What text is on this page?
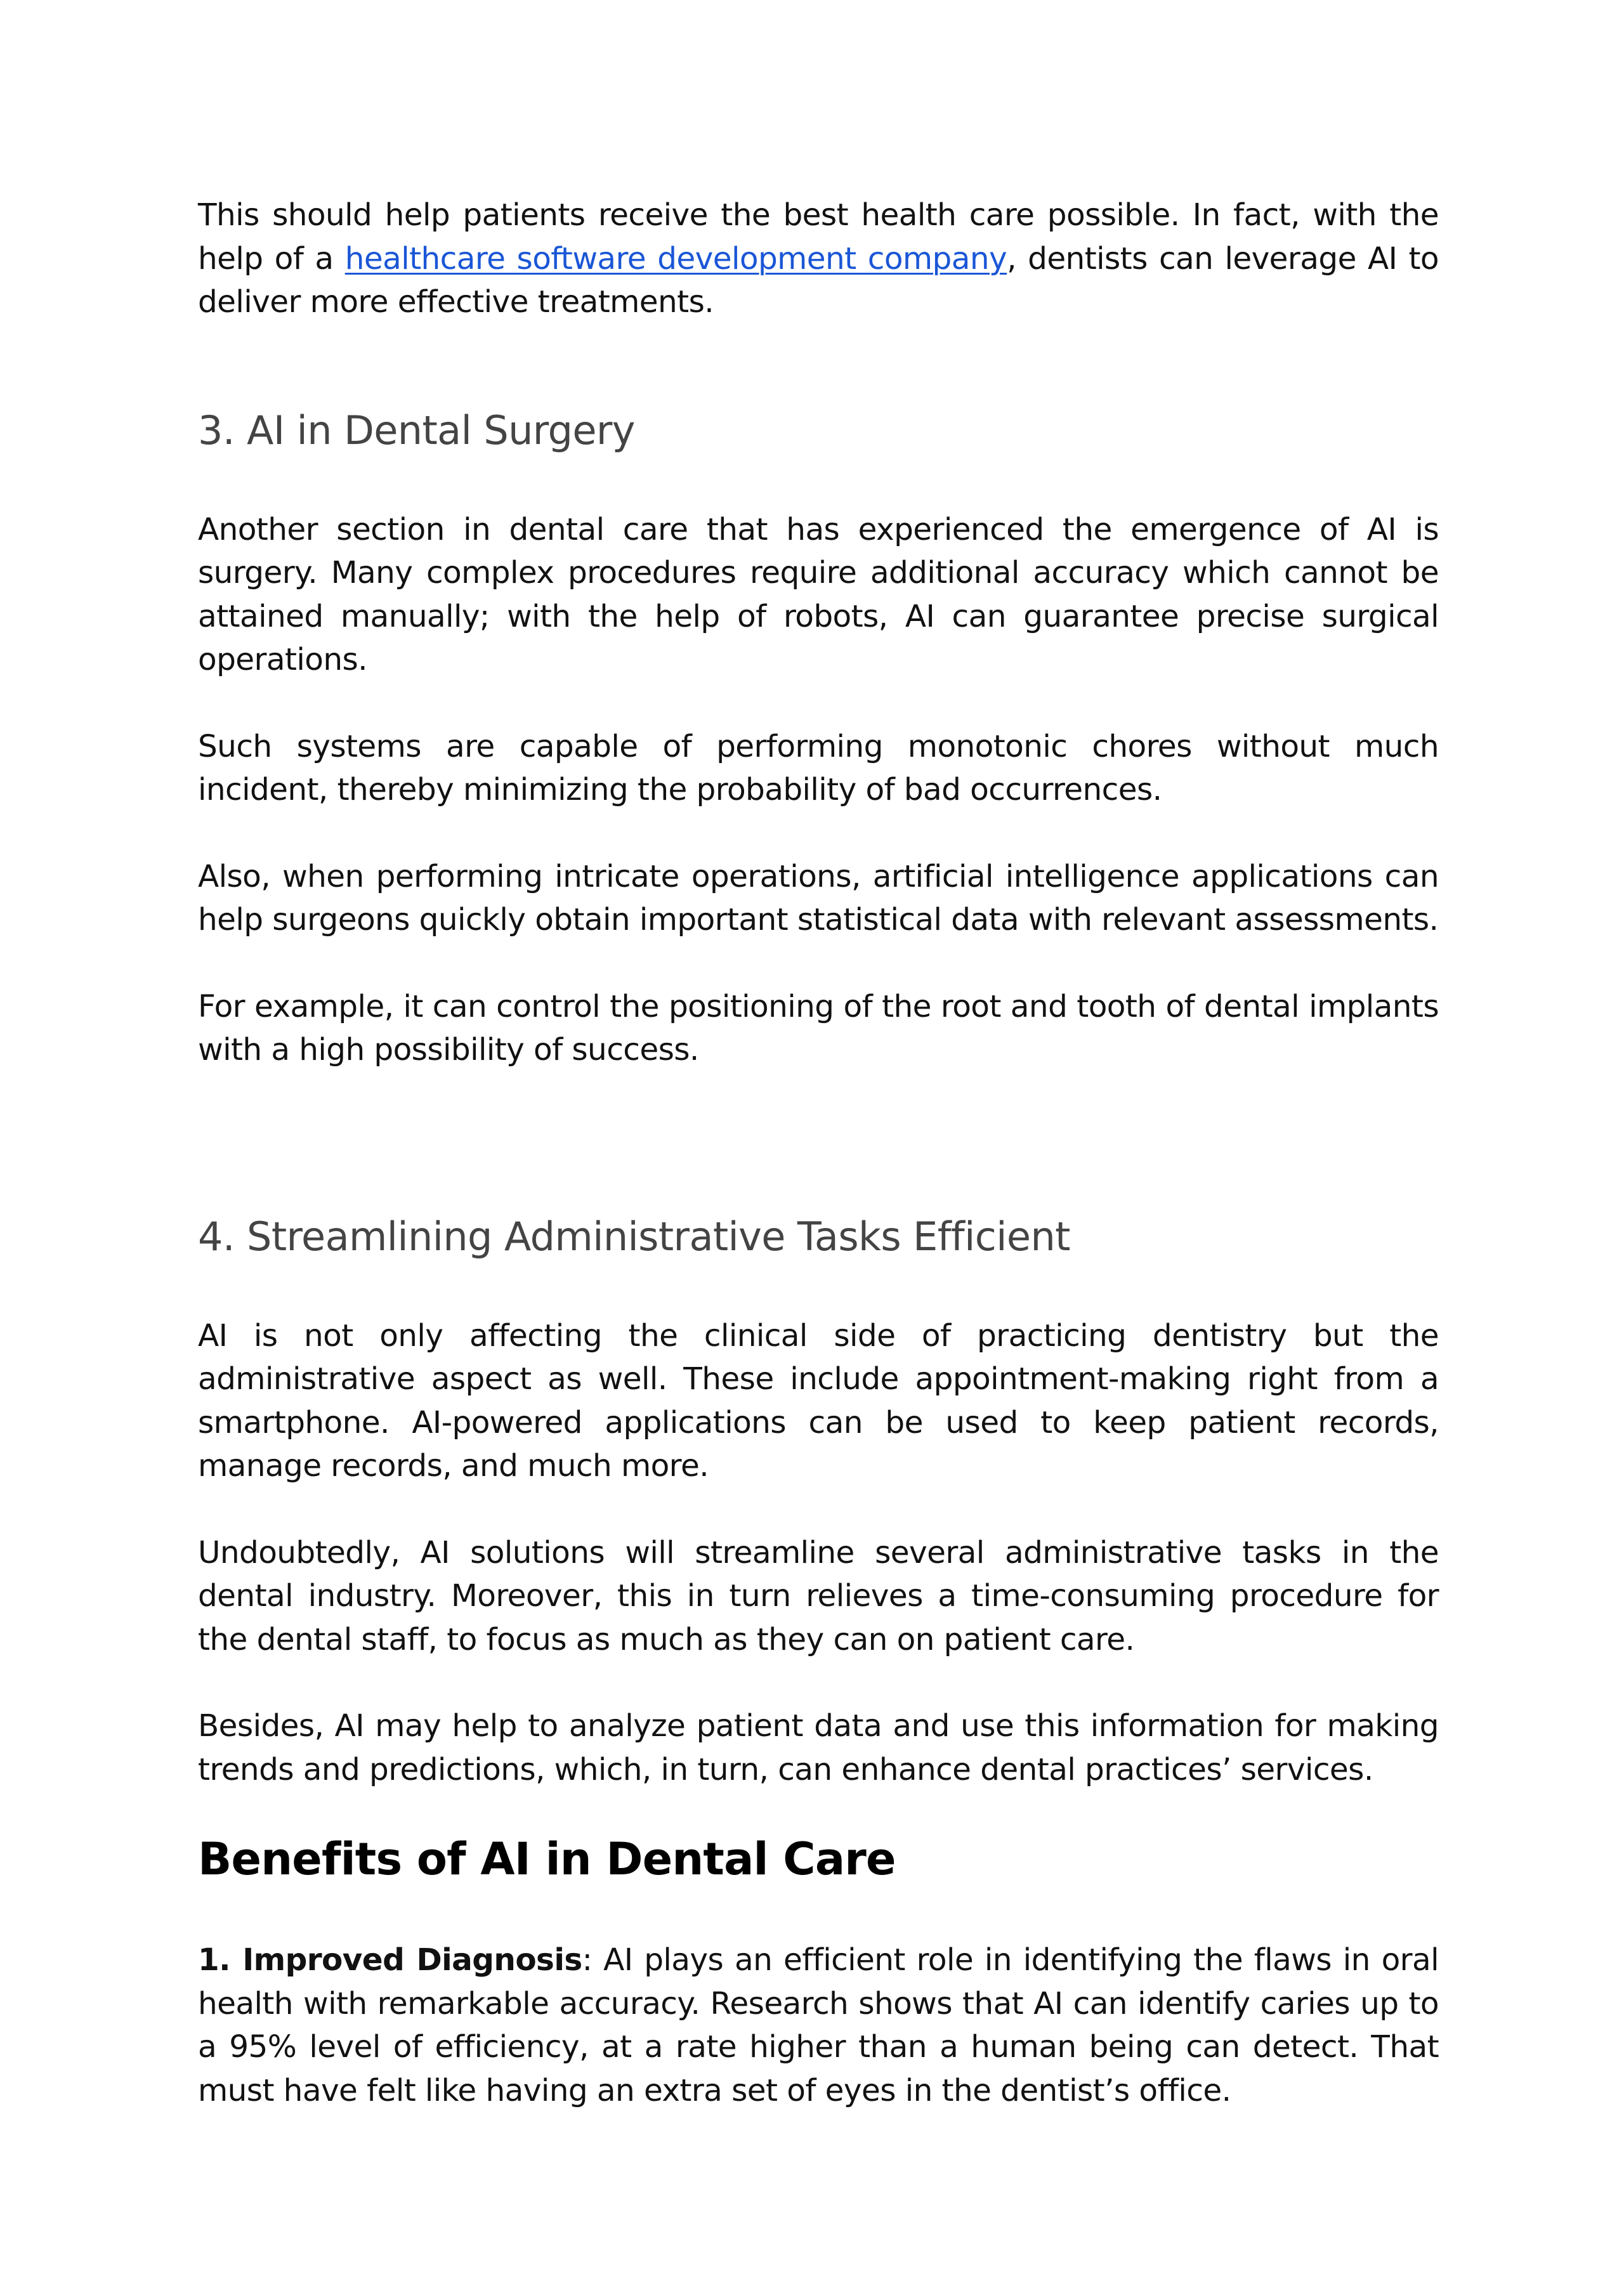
This should help patients receive the best health care possible. In fact, with the help of a healthcare software development company, dentists can leverage AI to deliver more effective treatments.

3. AI in Dental Surgery

Another section in dental care that has experienced the emergence of AI is surgery. Many complex procedures require additional accuracy which cannot be attained manually; with the help of robots, AI can guarantee precise surgical operations.

Such systems are capable of performing monotonic chores without much incident, thereby minimizing the probability of bad occurrences.

Also, when performing intricate operations, artificial intelligence applications can help surgeons quickly obtain important statistical data with relevant assessments.

For example, it can control the positioning of the root and tooth of dental implants with a high possibility of success.

4. Streamlining Administrative Tasks Efficient

AI is not only affecting the clinical side of practicing dentistry but the administrative aspect as well. These include appointment-making right from a smartphone. AI-powered applications can be used to keep patient records, manage records, and much more.

Undoubtedly, AI solutions will streamline several administrative tasks in the dental industry. Moreover, this in turn relieves a time-consuming procedure for the dental staff, to focus as much as they can on patient care.

Besides, AI may help to analyze patient data and use this information for making trends and predictions, which, in turn, can enhance dental practices’ services.

Benefits of AI in Dental Care

1. Improved Diagnosis: AI plays an efficient role in identifying the flaws in oral health with remarkable accuracy. Research shows that AI can identify caries up to a 95% level of efficiency, at a rate higher than a human being can detect. That must have felt like having an extra set of eyes in the dentist’s office.
